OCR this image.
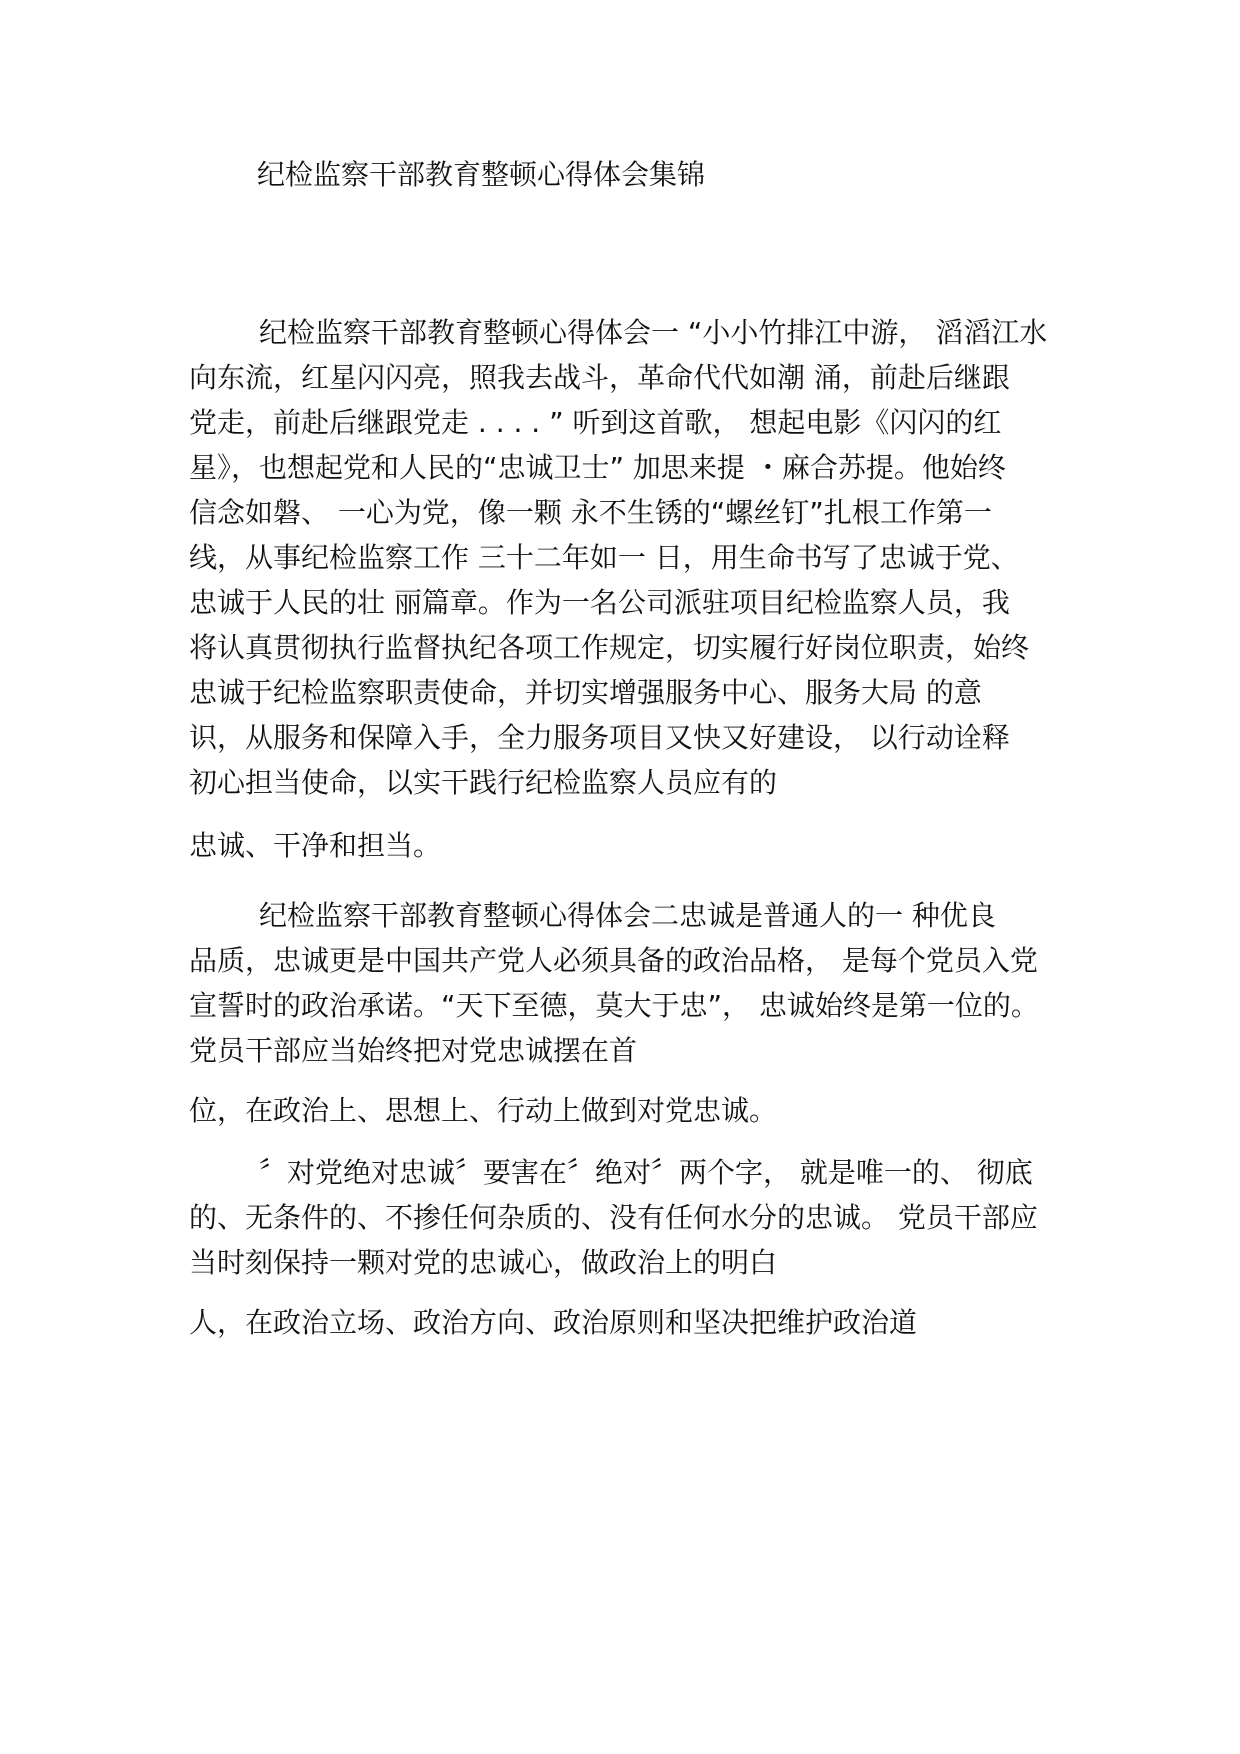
纪检监察干部教育整顿心得体会集锦
纪检监察干部教育整顿心得体会一 “小小竹排江中游， 滔滔江水
向东流，红星闪闪亮，照我去战斗，革命代代如潮 涌，前赴后继跟
党走，前赴后继跟党走 . . . . ” 听到这首歌， 想起电影《闪闪的红
星》，也想起党和人民的“忠诚卫士” 加思来提 ・麻合苏提。他始终
信念如磐、 一心为党，像一颗 永不生锈的“螺丝钉”扎根工作第一
线，从事纪检监察工作 三十二年如一 日，用生命书写了忠诚于党、
忠诚于人民的壮 丽篇章。作为一名公司派驻项目纪检监察人员，我
将认真贯彻执行监督执纪各项工作规定，切实履行好岗位职责，始终
忠诚于纪检监察职责使命，并切实增强服务中心、服务大局 的意
识，从服务和保障入手，全力服务项目又快又好建设， 以行动诠释
初心担当使命，以实干践行纪检监察人员应有的
忠诚、干净和担当。
纪检监察干部教育整顿心得体会二忠诚是普通人的一 种优良
品质，忠诚更是中国共产党人必须具备的政治品格， 是每个党员入党
宣誓时的政治承诺。“天下至德，莫大于忠”， 忠诚始终是第一位的。
党员干部应当始终把对党忠诚摆在首
位，在政治上、思想上、行动上做到对党忠诚。
〞对党绝对忠诚〞要害在〞绝对〞两个字， 就是唯一的、 彻底
的、无条件的、不掺任何杂质的、没有任何水分的忠诚。 党员干部应
当时刻保持一颗对党的忠诚心，做政治上的明白
人，在政治立场、政治方向、政治原则和坚决把维护政治道
